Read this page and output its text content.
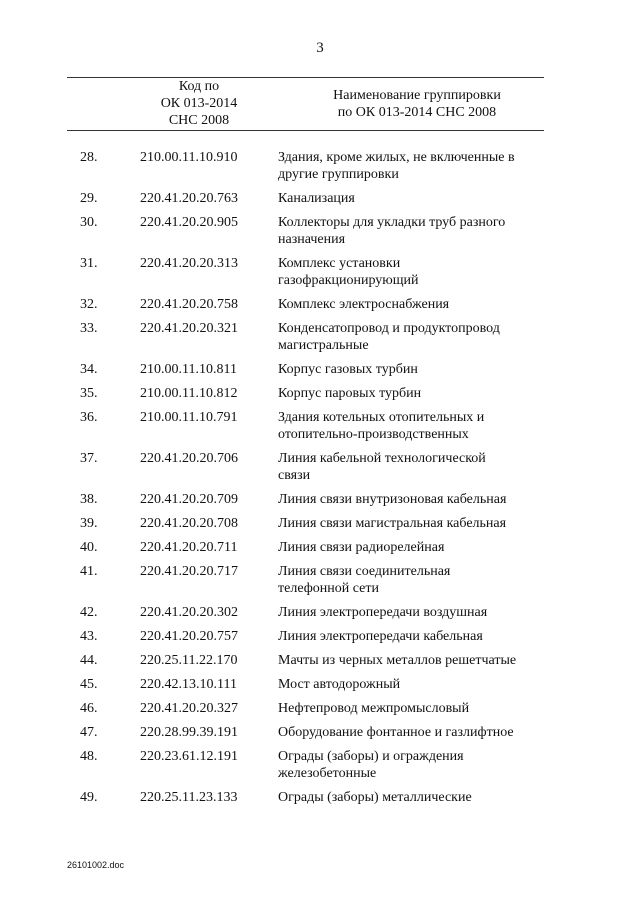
3
Код по
ОК 013-2014
СНС 2008
Наименование группировки
по ОК 013-2014 СНС 2008
28.	210.00.11.10.910	Здания, кроме жилых, не включенные в
другие группировки
29.	220.41.20.20.763	Канализация
30.	220.41.20.20.905	Коллекторы для укладки труб разного
назначения
31.	220.41.20.20.313	Комплекс установки
газофракционирующий
32.	220.41.20.20.758	Комплекс электроснабжения
33.	220.41.20.20.321	Конденсатопровод и продуктопровод
магистральные
34.	210.00.11.10.811	Корпус газовых турбин
35.	210.00.11.10.812	Корпус паровых турбин
36.	210.00.11.10.791	Здания котельных отопительных и
отопительно-производственных
37.	220.41.20.20.706	Линия кабельной технологической
связи
38.	220.41.20.20.709	Линия связи внутризоновая кабельная
39.	220.41.20.20.708	Линия связи магистральная кабельная
40.	220.41.20.20.711	Линия связи радиорелейная
41.	220.41.20.20.717	Линия связи соединительная
телефонной сети
42.	220.41.20.20.302	Линия электропередачи воздушная
43.	220.41.20.20.757	Линия электропередачи кабельная
44.	220.25.11.22.170	Мачты из черных металлов решетчатые
45.	220.42.13.10.111	Мост автодорожный
46.	220.41.20.20.327	Нефтепровод межпромысловый
47.	220.28.99.39.191	Оборудование фонтанное и газлифтное
48.	220.23.61.12.191	Ограды (заборы) и ограждения
железобетонные
49.	220.25.11.23.133	Ограды (заборы) металлические
26101002.doc
